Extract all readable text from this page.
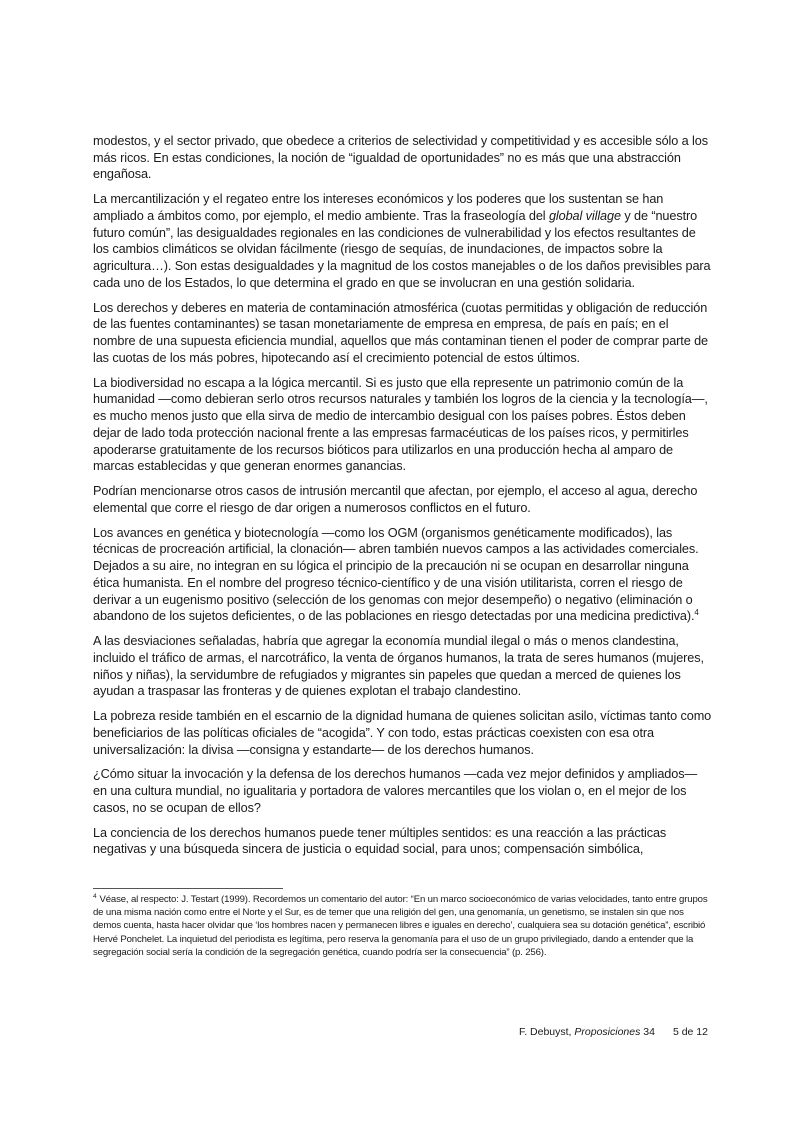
modestos, y el sector privado, que obedece a criterios de selectividad y competitividad y es accesible sólo a los más ricos. En estas condiciones, la noción de “igualdad de oportunidades” no es más que una abstracción engañosa.

La mercantilización y el regateo entre los intereses económicos y los poderes que los sustentan se han ampliado a ámbitos como, por ejemplo, el medio ambiente. Tras la fraseología del global village y de “nuestro futuro común”, las desigualdades regionales en las condiciones de vulnerabilidad y los efectos resultantes de los cambios climáticos se olvidan fácilmente (riesgo de sequías, de inundaciones, de impactos sobre la agricultura…). Son estas desigualdades y la magnitud de los costos manejables o de los daños previsibles para cada uno de los Estados, lo que determina el grado en que se involucran en una gestión solidaria.

Los derechos y deberes en materia de contaminación atmosférica (cuotas permitidas y obligación de reducción de las fuentes contaminantes) se tasan monetariamente de empresa en empresa, de país en país; en el nombre de una supuesta eficiencia mundial, aquellos que más contaminan tienen el poder de comprar parte de las cuotas de los más pobres, hipotecando así el crecimiento potencial de estos últimos.

La biodiversidad no escapa a la lógica mercantil. Si es justo que ella represente un patrimonio común de la humanidad —como debieran serlo otros recursos naturales y también los logros de la ciencia y la tecnología—, es mucho menos justo que ella sirva de medio de intercambio desigual con los países pobres. Éstos deben dejar de lado toda protección nacional frente a las empresas farmacéuticas de los países ricos, y permitirles apoderarse gratuitamente de los recursos bióticos para utilizarlos en una producción hecha al amparo de marcas establecidas y que generan enormes ganancias.

Podrían mencionarse otros casos de intrusión mercantil que afectan, por ejemplo, el acceso al agua, derecho elemental que corre el riesgo de dar origen a numerosos conflictos en el futuro.

Los avances en genética y biotecnología —como los OGM (organismos genéticamente modificados), las técnicas de procreación artificial, la clonación— abren también nuevos campos a las actividades comerciales. Dejados a su aire, no integran en su lógica el principio de la precaución ni se ocupan en desarrollar ninguna ética humanista. En el nombre del progreso técnico-científico y de una visión utilitarista, corren el riesgo de derivar a un eugenismo positivo (selección de los genomas con mejor desempeño) o negativo (eliminación o abandono de los sujetos deficientes, o de las poblaciones en riesgo detectadas por una medicina predictiva).$^4$

A las desviaciones señaladas, habría que agregar la economía mundial ilegal o más o menos clandestina, incluido el tráfico de armas, el narcotráfico, la venta de órganos humanos, la trata de seres humanos (mujeres, niños y niñas), la servidumbre de refugiados y migrantes sin papeles que quedan a merced de quienes los ayudan a traspasar las fronteras y de quienes explotan el trabajo clandestino.

La pobreza reside también en el escarnio de la dignidad humana de quienes solicitan asilo, víctimas tanto como beneficiarios de las políticas oficiales de “acogida”. Y con todo, estas prácticas coexisten con esa otra universalización: la divisa —consigna y estandarte— de los derechos humanos.

¿Cómo situar la invocación y la defensa de los derechos humanos —cada vez mejor definidos y ampliados— en una cultura mundial, no igualitaria y portadora de valores mercantiles que los violan o, en el mejor de los casos, no se ocupan de ellos?

La conciencia de los derechos humanos puede tener múltiples sentidos: es una reacción a las prácticas negativas y una búsqueda sincera de justicia o equidad social, para unos; compensación simbólica,

$^4$ Véase, al respecto: J. Testart (1999). Recordemos un comentario del autor: “En un marco socioeconómico de varias velocidades, tanto entre grupos de una misma nación como entre el Norte y el Sur, es de temer que una religión del gen, una genomanía, un genetismo, se instalen sin que nos demos cuenta, hasta hacer olvidar que ‘los hombres nacen y permanecen libres e iguales en derecho’, cualquiera sea su dotación genética”, escribió Hervé Ponchelet. La inquietud del periodista es legítima, pero reserva la genomanía para el uso de un grupo privilegiado, dando a entender que la segregación social sería la condición de la segregación genética, cuando podría ser la consecuencia” (p. 256).
F. Debuyst, Proposiciones 34 5 de 12
